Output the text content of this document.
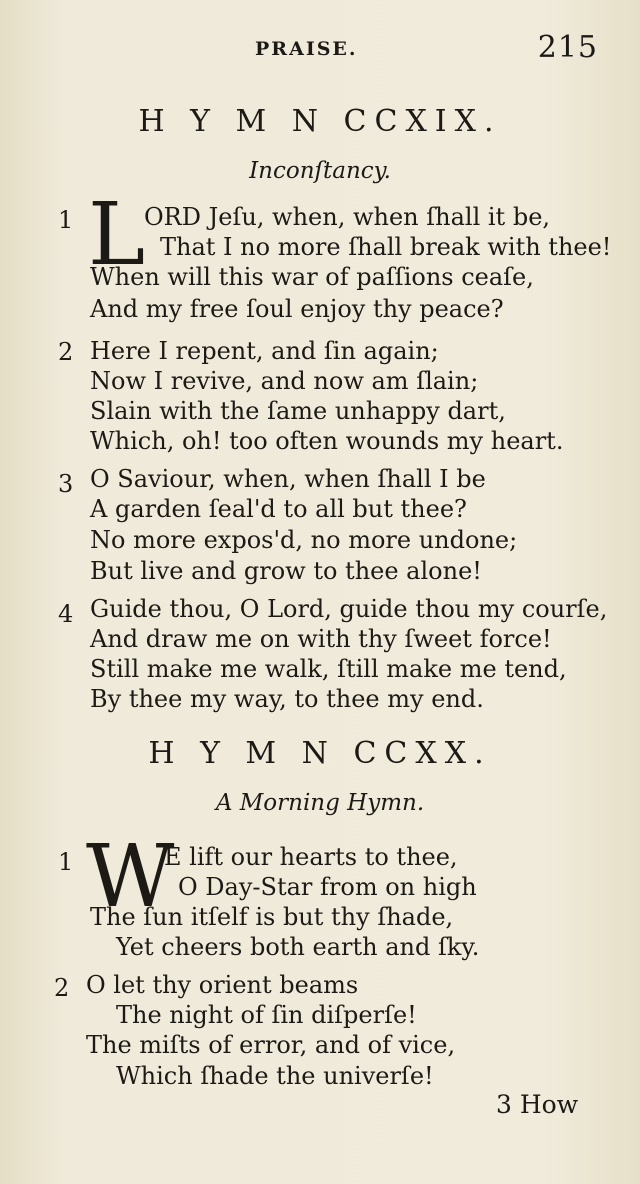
PRAISE.	215
H Y M N CCXIX.
Inconſtancy.
1 L
ORD Jeſu, when, when ſhall it be,
That I no more ſhall break with thee!
When will this war of paſſions ceaſe,
And my free ſoul enjoy thy peace?
2 Here I repent, and ſin again;
Now I revive, and now am ſlain;
Slain with the ſame unhappy dart,
Which, oh! too often wounds my heart.
3 O Saviour, when, when ſhall I be
A garden ſeal'd to all but thee?
No more expos'd, no more undone;
But live and grow to thee alone!
4 Guide thou, O Lord, guide thou my courſe,
And draw me on with thy ſweet force!
Still make me walk, ſtill make me tend,
By thee my way, to thee my end.
H Y M N CCXX.
A Morning Hymn.
1 W
E lift our hearts to thee,
O Day-Star from on high
The ſun itſelf is but thy ſhade,
Yet cheers both earth and ſky.
2 O let thy orient beams
The night of ſin diſperſe!
The miſts of error, and of vice,
Which ſhade the univerſe!
3 How
